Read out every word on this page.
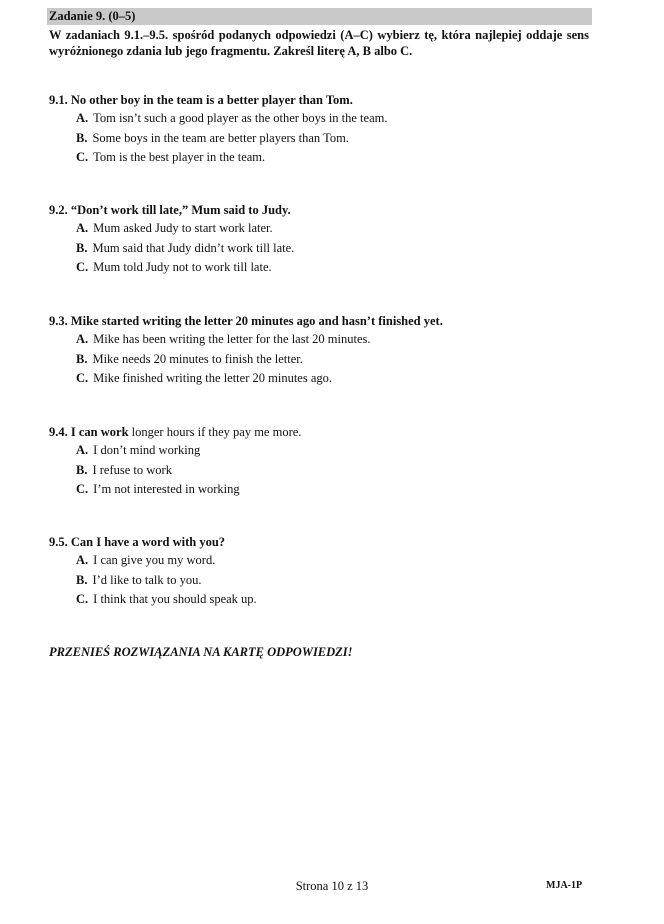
Zadanie 9. (0–5)
W zadaniach 9.1.–9.5. spośród podanych odpowiedzi (A–C) wybierz tę, która najlepiej oddaje sens wyróżnionego zdania lub jego fragmentu. Zakreśl literę A, B albo C.
9.1. No other boy in the team is a better player than Tom.
A. Tom isn’t such a good player as the other boys in the team.
B. Some boys in the team are better players than Tom.
C. Tom is the best player in the team.
9.2. “Don’t work till late,” Mum said to Judy.
A. Mum asked Judy to start work later.
B. Mum said that Judy didn’t work till late.
C. Mum told Judy not to work till late.
9.3. Mike started writing the letter 20 minutes ago and hasn’t finished yet.
A. Mike has been writing the letter for the last 20 minutes.
B. Mike needs 20 minutes to finish the letter.
C. Mike finished writing the letter 20 minutes ago.
9.4. I can work longer hours if they pay me more.
A. I don’t mind working
B. I refuse to work
C. I’m not interested in working
9.5. Can I have a word with you?
A. I can give you my word.
B. I’d like to talk to you.
C. I think that you should speak up.
PRZENIEŚ ROZWIĄZANIA NA KARTĘ ODPOWIEDZI!
Strona 10 z 13	MJA-1P
